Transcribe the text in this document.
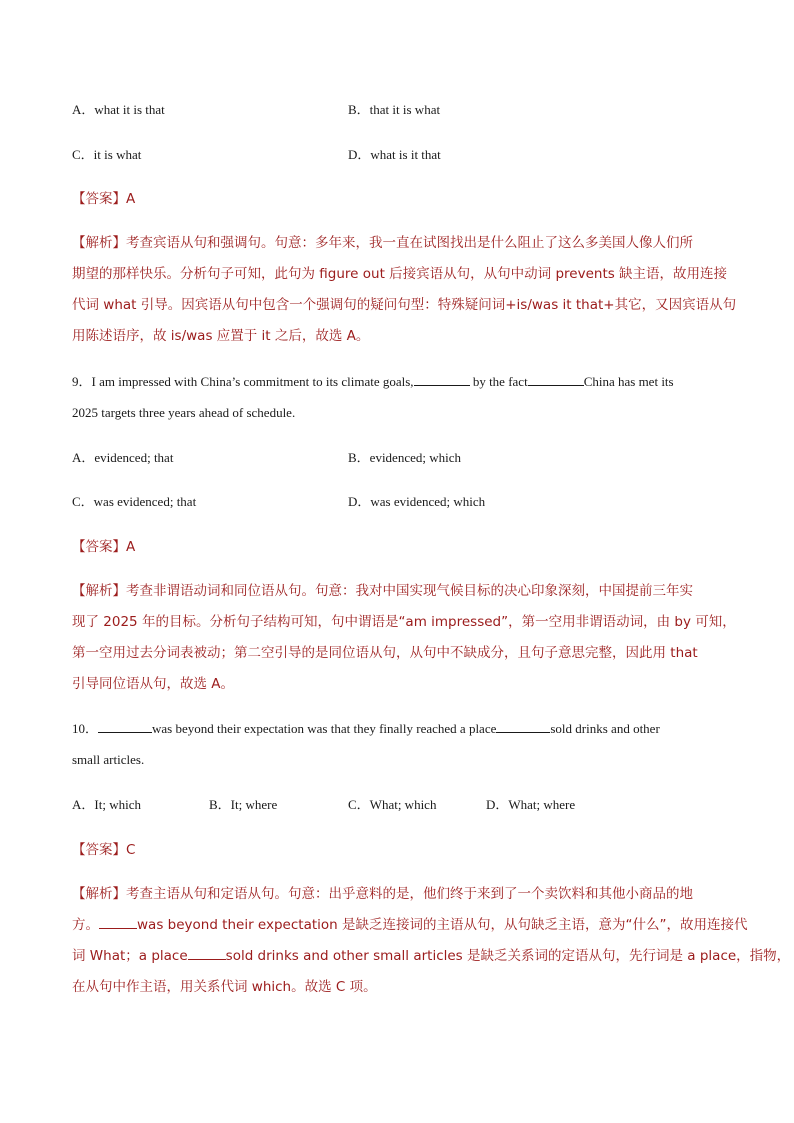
A．what it is that	B．that it is what
C．it is what	D．what is it that
【答案】A
【解析】考查宾语从句和强调句。句意：多年来，我一直在试图找出是什么阻止了这么多美国人像人们所
期望的那样快乐。分析句子可知，此句为 figure out 后接宾语从句，从句中动词 prevents 缺主语，故用连接
代词 what 引导。因宾语从句中包含一个强调句的疑问句型：特殊疑问词+is/was it that+其它，又因宾语从句
用陈述语序，故 is/was 应置于 it 之后，故选 A。
9．I am impressed with China’s commitment to its climate goals,	by the fact	China has met its
2025 targets three years ahead of schedule.
A．evidenced; that	B．evidenced; which
C．was evidenced; that	D．was evidenced; which
【答案】A
【解析】考查非谓语动词和同位语从句。句意：我对中国实现气候目标的决心印象深刻，中国提前三年实
现了 2025 年的目标。分析句子结构可知，句中谓语是“am impressed”，第一空用非谓语动词，由 by 可知，
第一空用过去分词表被动；第二空引导的是同位语从句，从句中不缺成分，且句子意思完整，因此用 that
引导同位语从句，故选 A。
10．	was beyond their expectation was that they finally reached a place	sold drinks and other
small articles.
A．It; which	B．It; where	C．What; which	D．What; where
【答案】C
【解析】考查主语从句和定语从句。句意：出乎意料的是，他们终于来到了一个卖饮料和其他小商品的地
方。	was beyond their expectation 是缺乏连接词的主语从句，从句缺乏主语，意为“什么”，故用连接代
词 What；a place	sold drinks and other small articles 是缺乏关系词的定语从句，先行词是 a place，指物，
在从句中作主语，用关系代词 which。故选 C 项。
